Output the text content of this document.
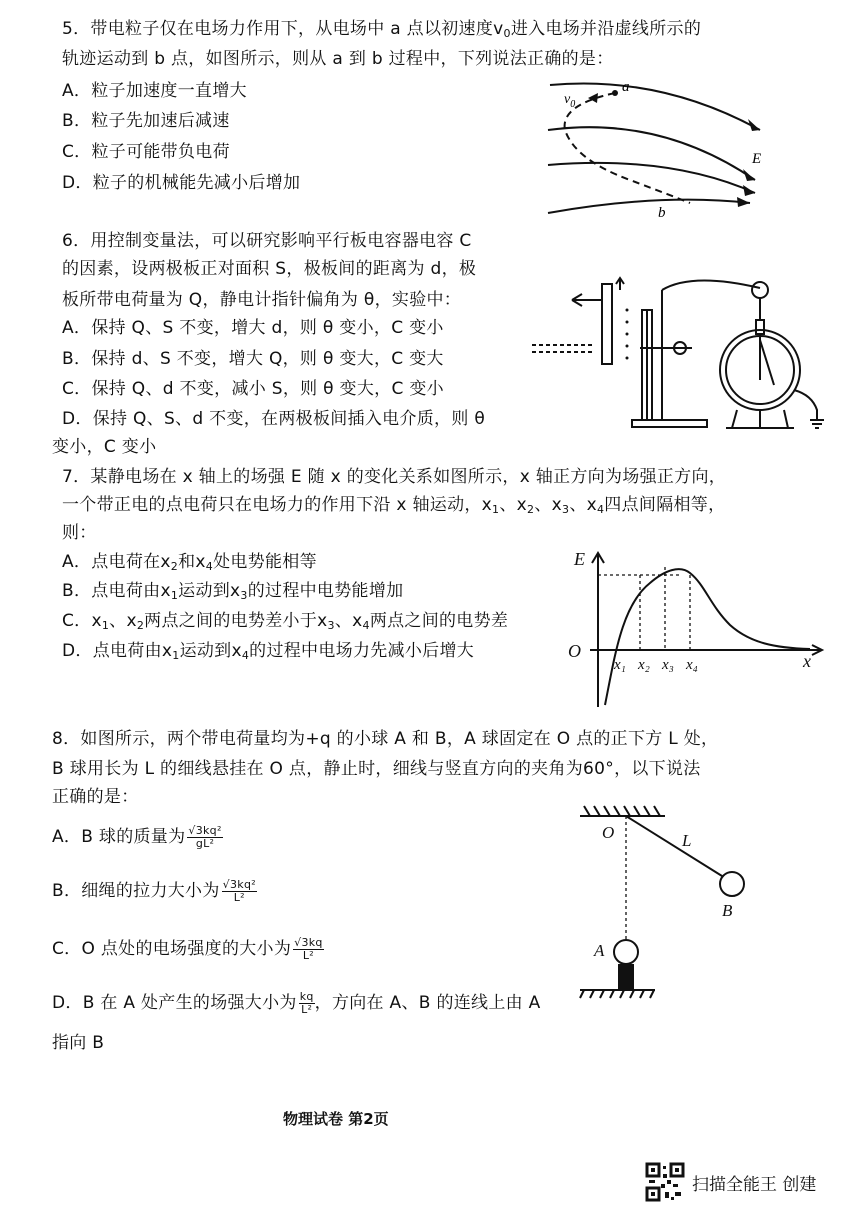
5．带电粒子仅在电场力作用下，从电场中 a 点以初速度$v_0$进入电场并沿虚线所示的
轨迹运动到 b 点，如图所示，则从 a 到 b 过程中，下列说法正确的是：
A．粒子加速度一直增大
B．粒子先加速后减速
C．粒子可能带负电荷
D．粒子的机械能先减小后增加
a
$v_0$
E
b
6．用控制变量法，可以研究影响平行板电容器电容 C
的因素，设两极板正对面积 S，极板间的距离为 d，极
板所带电荷量为 Q，静电计指针偏角为 θ，实验中：
A．保持 Q、S 不变，增大 d，则 θ 变小，C 变小
B．保持 d、S 不变，增大 Q，则 θ 变大，C 变大
C．保持 Q、d 不变，减小 S，则 θ 变大，C 变小
D．保持 Q、S、d 不变，在两极板间插入电介质，则 θ
变小，C 变小
7．某静电场在 x 轴上的场强 E 随 x 的变化关系如图所示，x 轴正方向为场强正方向，
一个带正电的点电荷只在电场力的作用下沿 x 轴运动，$x_1$、$x_2$、$x_3$、$x_4$四点间隔相等，
则：
A．点电荷在$x_2$和$x_4$处电势能相等
B．点电荷由$x_1$运动到$x_3$的过程中电势能增加
C．$x_1$、$x_2$两点之间的电势差小于$x_3$、$x_4$两点之间的电势差
D．点电荷由$x_1$运动到$x_4$的过程中电场力先减小后增大
E
O	x
x₁ x₂ x₃ x₄
8．如图所示，两个带电荷量均为+q 的小球 A 和 B，A 球固定在 O 点的正下方 L 处，
B 球用长为 L 的细线悬挂在 O 点，静止时，细线与竖直方向的夹角为60°，以下说法
正确的是：
A．B 球的质量为 $\frac{\text{√3kq²}}{\text{gL²}}$
B．细绳的拉力大小为 $\frac{\text{√3kq²}}{\text{L²}}$
C．O 点处的电场强度的大小为 $\frac{√3kq}{\text{L²}}$
D．B 在 A 处产生的场强大小为 $\frac{kq}{\text{L²}}$ ，方向在 A、B 的连线上由 A
指向 B
O	L
B
A
物理试卷 第2页
扫描全能王 创建
